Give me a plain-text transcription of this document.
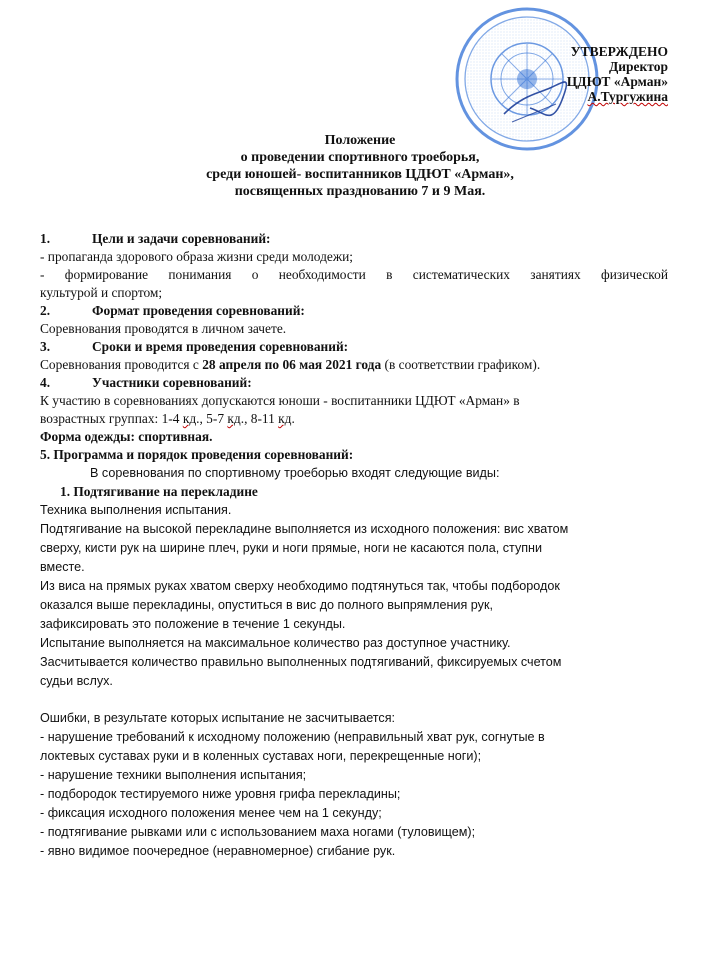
УТВЕРЖДЕНО
Директор
ЦДЮТ «Арман»
А.Тургужина
Положение
о проведении спортивного троеборья,
среди юношей- воспитанников ЦДЮТ «Арман»,
посвященных празднованию 7 и 9 Мая.
1.	Цели и задачи соревнований:
- пропаганда здорового образа жизни среди молодежи;
- формирование понимания о необходимости в систематических занятиях физической
культурой и спортом;
2.	Формат проведения соревнований:
Соревнования проводятся в личном зачете.
3.	Сроки и время проведения соревнований:
Соревнования проводится с 28 апреля по 06 мая 2021 года (в соответствии графиком).
4.	Участники соревнований:
К участию в соревнованиях допускаются юноши - воспитанники ЦДЮТ «Арман» в
возрастных группах: 1-4 кд., 5-7 кд., 8-11 кд.
Форма одежды: спортивная.
5. Программа и порядок проведения соревнований:
В соревнования по спортивному троеборью входят следующие виды:
1. Подтягивание на перекладине
Техника выполнения испытания.
Подтягивание на высокой перекладине выполняется из исходного положения: вис хватом
сверху, кисти рук на ширине плеч, руки и ноги прямые, ноги не касаются пола, ступни
вместе.
Из виса на прямых руках хватом сверху необходимо подтянуться так, чтобы подбородок
оказался выше перекладины, опуститься в вис до полного выпрямления рук,
зафиксировать это положение в течение 1 секунды.
Испытание выполняется на максимальное количество раз доступное участнику.
Засчитывается количество правильно выполненных подтягиваний, фиксируемых счетом
судьи вслух.
Ошибки, в результате которых испытание не засчитывается:
- нарушение требований к исходному положению (неправильный хват рук, согнутые в
локтевых суставах руки и в коленных суставах ноги, перекрещенные ноги);
- нарушение техники выполнения испытания;
- подбородок тестируемого ниже уровня грифа перекладины;
- фиксация исходного положения менее чем на 1 секунду;
- подтягивание рывками или с использованием маха ногами (туловищем);
- явно видимое поочередное (неравномерное) сгибание рук.
